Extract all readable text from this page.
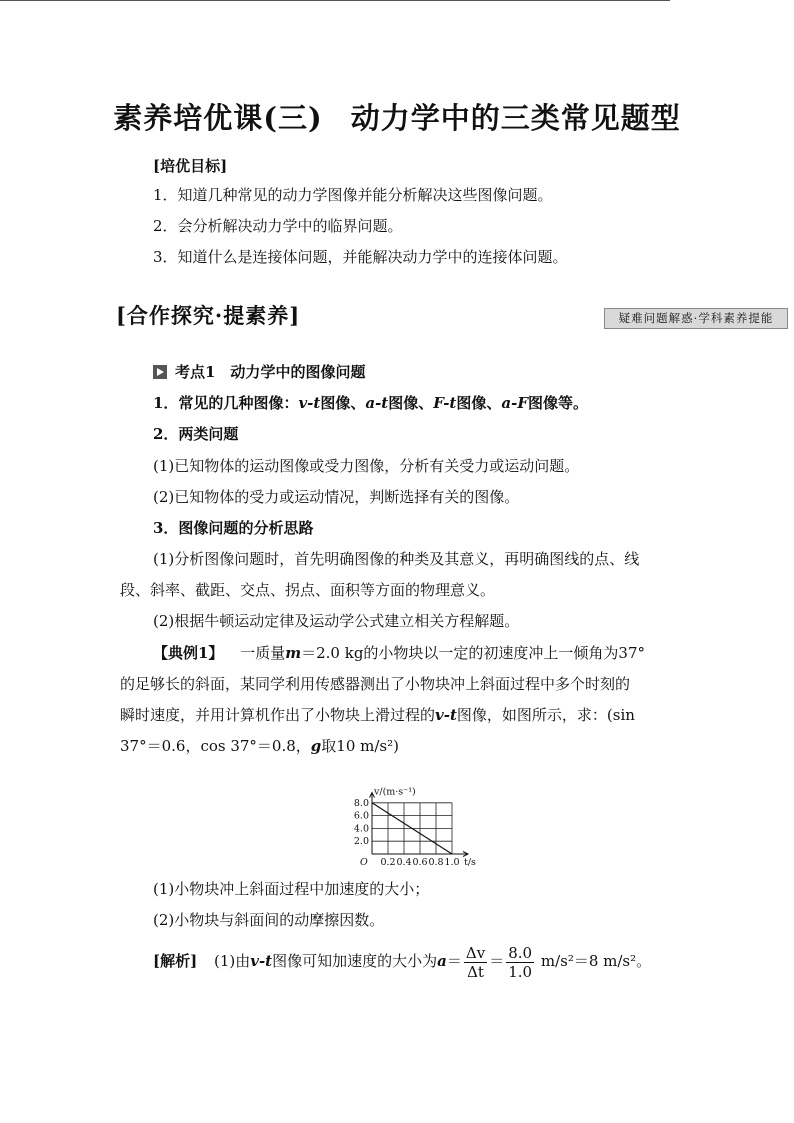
素养培优课(三) 动力学中的三类常见题型
[培优目标]
1．知道几种常见的动力学图像并能分析解决这些图像问题。
2．会分析解决动力学中的临界问题。
3．知道什么是连接体问题，并能解决动力学中的连接体问题。
[合作探究·提素养]	疑难问题解惑·学科素养提能
考点1　动力学中的图像问题
1．常见的几种图像：v-t图像、a-t图像、F-t图像、a-F图像等。
2．两类问题
(1)已知物体的运动图像或受力图像，分析有关受力或运动问题。
(2)已知物体的受力或运动情况，判断选择有关的图像。
3．图像问题的分析思路
(1)分析图像问题时，首先明确图像的种类及其意义，再明确图线的点、线
段、斜率、截距、交点、拐点、面积等方面的物理意义。
(2)根据牛顿运动定律及运动学公式建立相关方程解题。
【典例1】 一质量m＝2.0 kg的小物块以一定的初速度冲上一倾角为37°
的足够长的斜面，某同学利用传感器测出了小物块冲上斜面过程中多个时刻的
瞬时速度，并用计算机作出了小物块上滑过程的v-t图像，如图所示，求：(sin
37°＝0.6，cos 37°＝0.8，g取10 m/s²)
0.2 0.4 0.6 0.8 1.0
2.0
4.0
6.0
8.0
v/(m·s⁻¹)
t/s
O
(1)小物块冲上斜面过程中加速度的大小；
(2)小物块与斜面间的动摩擦因数。
[解析] (1)由v-t图像可知加速度的大小为$a= \frac{\Delta v}{\Delta t} = \frac{8.0}{1.0} m/s^2=8$ m/s²。
